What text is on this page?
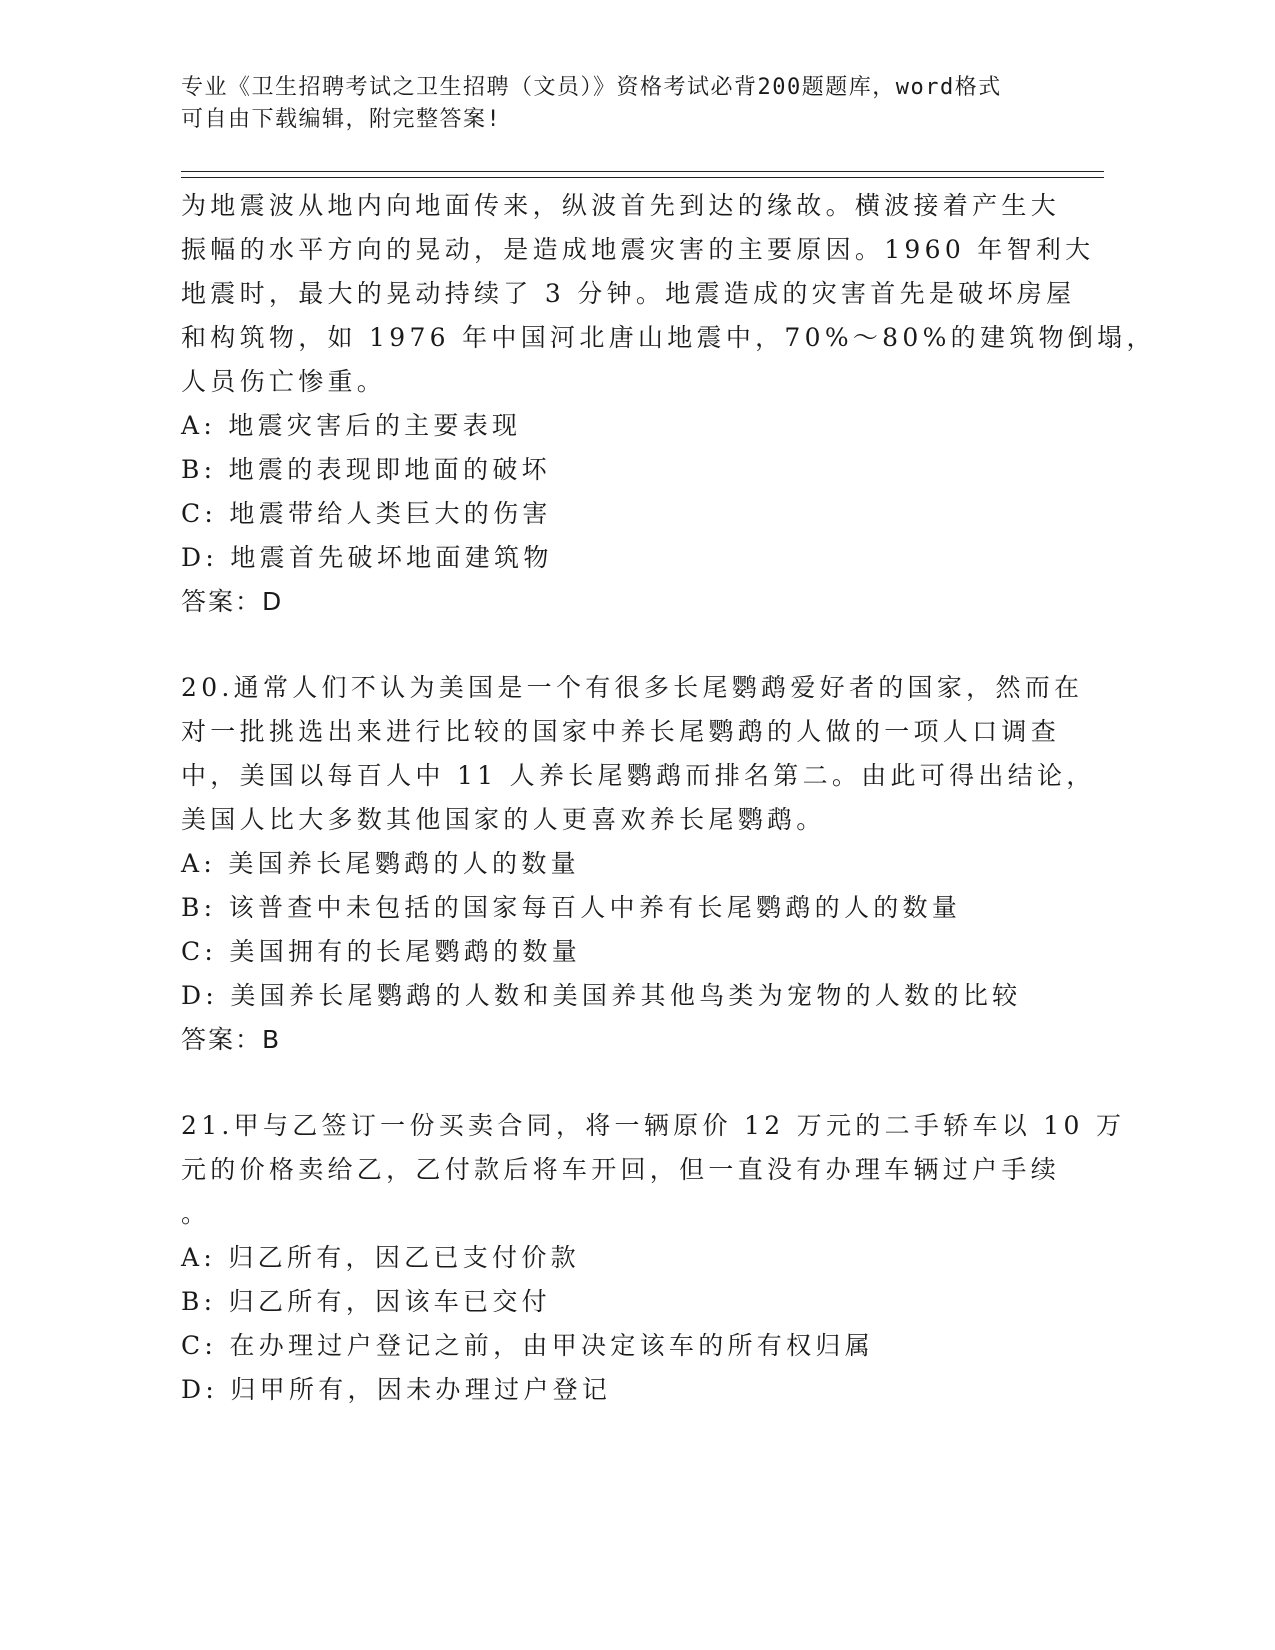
专业《卫生招聘考试之卫生招聘（文员）》资格考试必背200题题库，word格式
可自由下载编辑，附完整答案!
为地震波从地内向地面传来，纵波首先到达的缘故。横波接着产生大
振幅的水平方向的晃动，是造成地震灾害的主要原因。1960 年智利大
地震时，最大的晃动持续了 3 分钟。地震造成的灾害首先是破坏房屋
和构筑物，如 1976 年中国河北唐山地震中，70%～80%的建筑物倒塌，
人员伤亡惨重。
A: 地震灾害后的主要表现
B: 地震的表现即地面的破坏
C: 地震带给人类巨大的伤害
D: 地震首先破坏地面建筑物
答案：D
20.通常人们不认为美国是一个有很多长尾鹦鹉爱好者的国家，然而在
对一批挑选出来进行比较的国家中养长尾鹦鹉的人做的一项人口调查
中，美国以每百人中 11 人养长尾鹦鹉而排名第二。由此可得出结论，
美国人比大多数其他国家的人更喜欢养长尾鹦鹉。
A: 美国养长尾鹦鹉的人的数量
B: 该普查中未包括的国家每百人中养有长尾鹦鹉的人的数量
C: 美国拥有的长尾鹦鹉的数量
D: 美国养长尾鹦鹉的人数和美国养其他鸟类为宠物的人数的比较
答案：B
21.甲与乙签订一份买卖合同，将一辆原价 12 万元的二手轿车以 10 万
元的价格卖给乙，乙付款后将车开回，但一直没有办理车辆过户手续
。
A: 归乙所有，因乙已支付价款
B: 归乙所有，因该车已交付
C: 在办理过户登记之前，由甲决定该车的所有权归属
D: 归甲所有，因未办理过户登记
